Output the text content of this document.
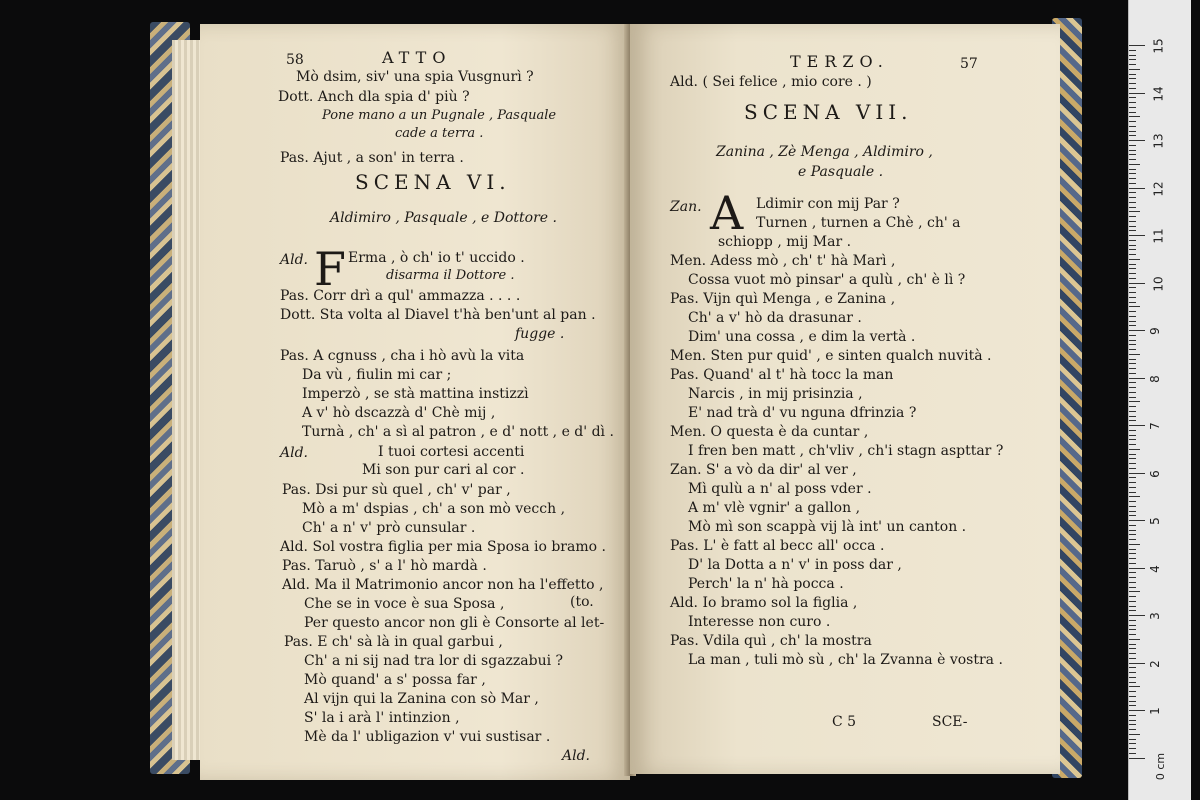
58	ATTO
Mò dsim, siv' una spia Vusgnurì ?
Dott. Anch dla spia d' più ?
Pone mano a un Pugnale , Pasquale
cade a terra .
Pas. Ajut , a son' in terra .
SCENA VI.
Aldimiro , Pasquale , e Dottore .
Ald. F Erma , ò ch' io t' uccido .
disarma il Dottore .
Pas. Corr drì a qul' ammazza . . . .
Dott. Sta volta al Diavel t'hà ben'unt al pan .
fugge .
Pas. A cgnuss , cha i hò avù la vita
Da vù , fiulin mi car ;
Imperzò , se stà mattina instizzì
A v' hò dscazzà d' Chè mij ,
Turnà , ch' a sì al patron , e d' nott , e d' dì .
Ald.	I tuoi cortesi accenti
Mi son pur cari al cor .
Pas. Dsi pur sù quel , ch' v' par ,
Mò a m' dspias , ch' a son mò vecch ,
Ch' a n' v' prò cunsular .
Ald. Sol vostra figlia per mia Sposa io bramo .
Pas. Taruò , s' a l' hò mardà .
Ald. Ma il Matrimonio ancor non ha l'effetto ,
Che se in voce è sua Sposa ,	(to.
Per questo ancor non gli è Consorte al let-
Pas. E ch' sà là in qual garbui ,
Ch' a ni sij nad tra lor di sgazzabui ?
Mò quand' a s' possa far ,
Al vijn qui la Zanina con sò Mar ,
S' la i arà l' intinzion ,
Mè da l' ubligazion v' vui sustisar .
Ald.
TERZO.	57
Ald. ( Sei felice , mio core . )
SCENA VII.
Zanina , Zè Menga , Aldimiro ,
e Pasquale .
Zan. A Ldimir con mij Par ?
Turnen , turnen a Chè , ch' a
schiopp , mij Mar .
Men. Adess mò , ch' t' hà Marì ,
Cossa vuot mò pinsar' a qulù , ch' è lì ?
Pas. Vijn quì Menga , e Zanina ,
Ch' a v' hò da drasunar .
Dim' una cossa , e dim la vertà .
Men. Sten pur quid' , e sinten qualch nuvità .
Pas. Quand' al t' hà tocc la man
Narcis , in mij prisinzia ,
E' nad trà d' vu nguna dfrinzia ?
Men. O questa è da cuntar ,
I fren ben matt , ch'vliv , ch'i stagn aspttar ?
Zan. S' a vò da dir' al ver ,
Mì qulù a n' al poss vder .
A m' vlè vgnir' a gallon ,
Mò mì son scappà vij là int' un canton .
Pas. L' è fatt al becc all' occa .
D' la Dotta a n' v' in poss dar ,
Perch' la n' hà pocca .
Ald. Io bramo sol la figlia ,
Interesse non curo .
Pas. Vdila quì , ch' la mostra
La man , tuli mò sù , ch' la Zvanna è vostra .
C 5	SCE-
15
14
13
12
11
10
9
8
7
6
5
4
3
2
1
0 cm
